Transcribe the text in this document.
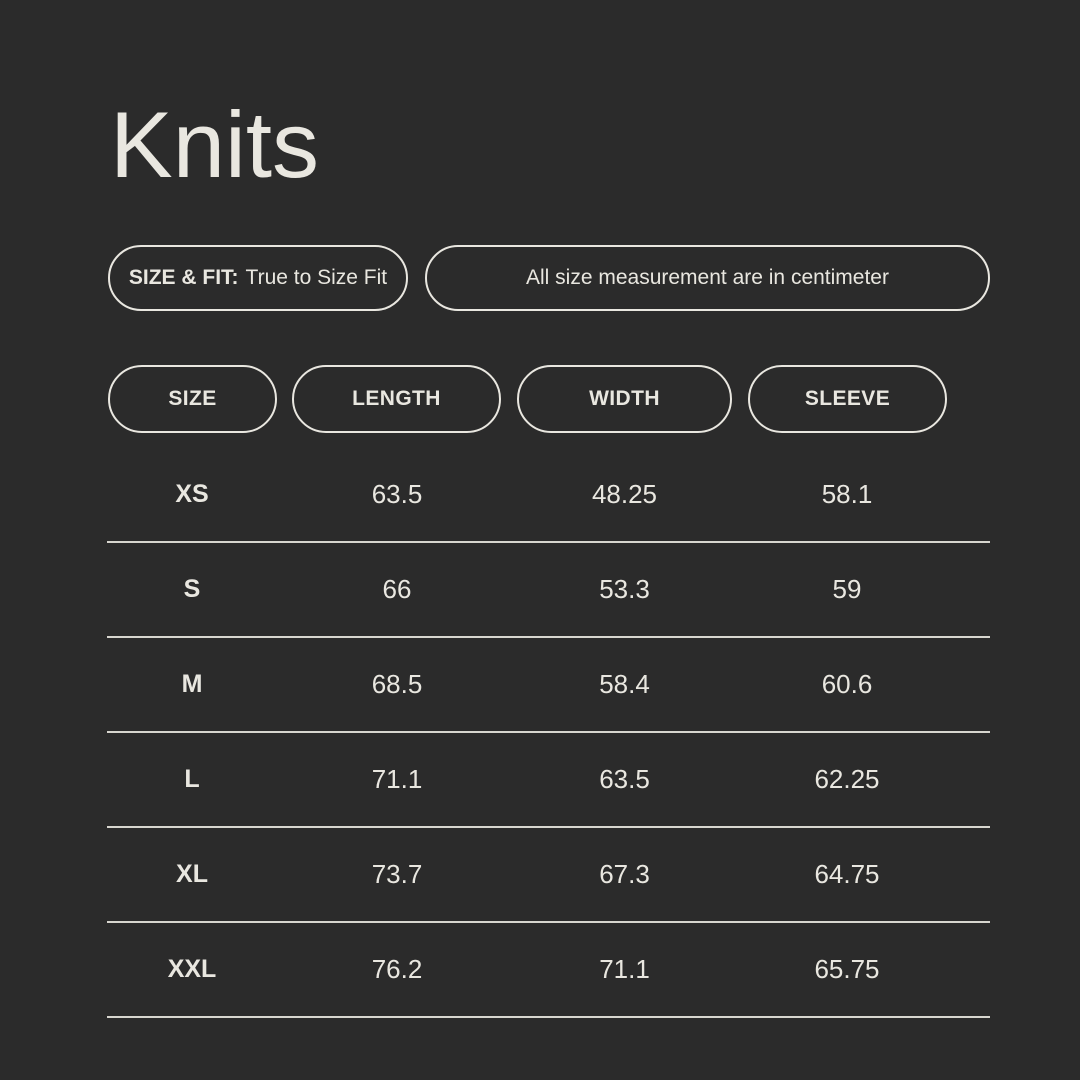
Knits
SIZE & FIT: True to Size Fit	All size measurement are in centimeter
SIZE	LENGTH	WIDTH	SLEEVE
XS	63.5	48.25	58.1
S	66	53.3	59
M	68.5	58.4	60.6
L	71.1	63.5	62.25
XL	73.7	67.3	64.75
XXL	76.2	71.1	65.75
